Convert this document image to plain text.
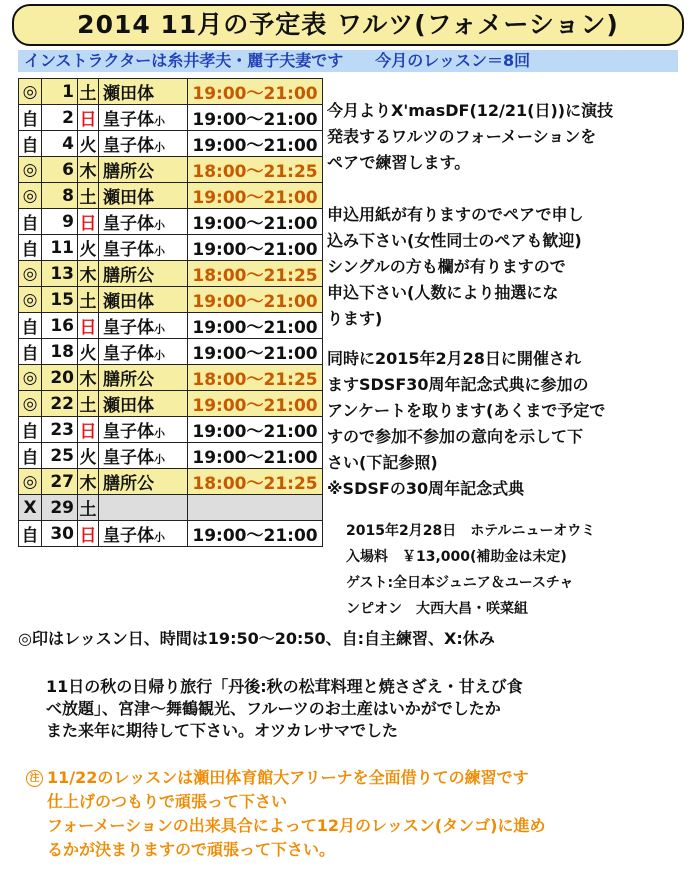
2014 11月の予定表 ワルツ(フォメーション)
インストラクターは糸井孝夫・麗子夫妻です　　今月のレッスン＝8回
◎	1	土	瀬田体	19:00〜21:00
自	2	日	皇子体小	19:00〜21:00
自	4	火	皇子体小	19:00〜21:00
◎	6	木	膳所公	18:00〜21:25
◎	8	土	瀬田体	19:00〜21:00
自	9	日	皇子体小	19:00〜21:00
自	11	火	皇子体小	19:00〜21:00
◎	13	木	膳所公	18:00〜21:25
◎	15	土	瀬田体	19:00〜21:00
自	16	日	皇子体小	19:00〜21:00
自	18	火	皇子体小	19:00〜21:00
◎	20	木	膳所公	18:00〜21:25
◎	22	土	瀬田体	19:00〜21:00
自	23	日	皇子体小	19:00〜21:00
自	25	火	皇子体小	19:00〜21:00
◎	27	木	膳所公	18:00〜21:25
X	29	土		
自	30	日	皇子体小	19:00〜21:00

今月よりX'masDF(12/21(日))に演技
発表するワルツのフォーメーションを
ペアで練習します。

申込用紙が有りますのでペアで申し
込み下さい(女性同士のペアも歓迎)
シングルの方も欄が有りますので
申込下さい(人数により抽選にな
ります)

同時に2015年2月28日に開催され
ますSDSF30周年記念式典に参加の
アンケートを取ります(あくまで予定で
すので参加不参加の意向を示して下
さい(下記参照)
※SDSFの30周年記念式典

2015年2月28日　ホテルニューオウミ
入場料　￥13,000(補助金は未定)
ゲスト:全日本ジュニア＆ユースチャ
ンピオン　大西大昌・咲菜組
◎印はレッスン日、時間は19:50〜20:50、自:自主練習、X:休み

11日の秋の日帰り旅行「丹後:秋の松茸料理と焼さざえ・甘えび食
べ放題」、宮津〜舞鶴観光、フルーツのお土産はいかがでしたか
また来年に期待して下さい。オツカレサマでした

注 11/22のレッスンは瀬田体育館大アリーナを全面借りての練習です
仕上げのつもりで頑張って下さい
フォーメーションの出来具合によって12月のレッスン(タンゴ)に進め
るかが決まりますので頑張って下さい。
